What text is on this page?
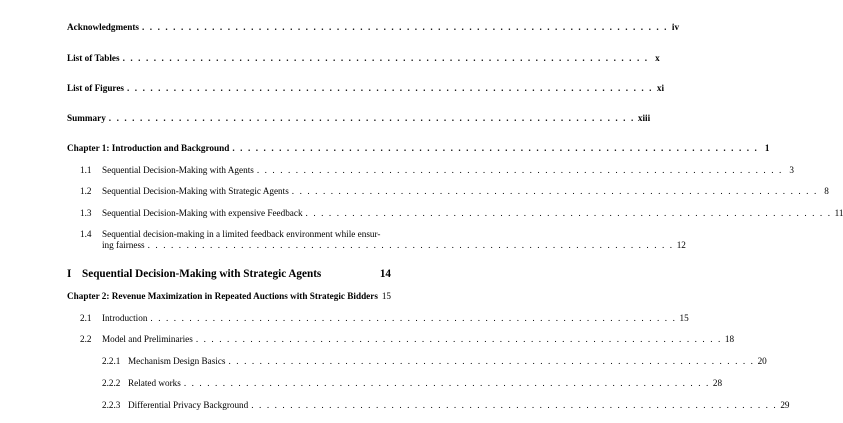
Acknowledgments . . . . . . . . . . . . . . . . . . . . . . . . . . . . . . . . . . . . . . . . . . . . . . . . . . . . . . . . . . . . . . . . . . . . iv
List of Tables . . . . . . . . . . . . . . . . . . . . . . . . . . . . . . . . . . . . . . . . . . . . . . . . . . . . . . . . . . . . . . . . . . . . x
List of Figures . . . . . . . . . . . . . . . . . . . . . . . . . . . . . . . . . . . . . . . . . . . . . . . . . . . . . . . . . . . . . . . . . . . . xi
Summary . . . . . . . . . . . . . . . . . . . . . . . . . . . . . . . . . . . . . . . . . . . . . . . . . . . . . . . . . . . . . . . . . . . . xiii
Chapter 1: Introduction and Background . . . . . . . . . . . . . . . . . . . . . . . . . . . . . . . . . . . . . . . . . . . . . . . . . . . . . . . . . . . . . . . . . . . . 1
1.1	Sequential Decision-Making with Agents . . . . . . . . . . . . . . . . . . . . . . . . . . . . . . . . . . . . . . . . . . . . . . . . . . . . . . . . . . . . . . . . . . . . 3
1.2	Sequential Decision-Making with Strategic Agents . . . . . . . . . . . . . . . . . . . . . . . . . . . . . . . . . . . . . . . . . . . . . . . . . . . . . . . . . . . . . . . . . . . . 8
1.3	Sequential Decision-Making with expensive Feedback . . . . . . . . . . . . . . . . . . . . . . . . . . . . . . . . . . . . . . . . . . . . . . . . . . . . . . . . . . . . . . . . . . . . 11
1.4	Sequential decision-making in a limited feedback environment while ensur-
ing fairness . . . . . . . . . . . . . . . . . . . . . . . . . . . . . . . . . . . . . . . . . . . . . . . . . . . . . . . . . . . . . . . . . . . . 12
I Sequential Decision-Making with Strategic Agents	14
Chapter 2: Revenue Maximization in Repeated Auctions with Strategic Bidders 15
2.1	Introduction . . . . . . . . . . . . . . . . . . . . . . . . . . . . . . . . . . . . . . . . . . . . . . . . . . . . . . . . . . . . . . . . . . . . 15
2.2	Model and Preliminaries . . . . . . . . . . . . . . . . . . . . . . . . . . . . . . . . . . . . . . . . . . . . . . . . . . . . . . . . . . . . . . . . . . . . 18
2.2.1 Mechanism Design Basics . . . . . . . . . . . . . . . . . . . . . . . . . . . . . . . . . . . . . . . . . . . . . . . . . . . . . . . . . . . . . . . . . . . . 20
2.2.2 Related works . . . . . . . . . . . . . . . . . . . . . . . . . . . . . . . . . . . . . . . . . . . . . . . . . . . . . . . . . . . . . . . . . . . . 28
2.2.3 Differential Privacy Background . . . . . . . . . . . . . . . . . . . . . . . . . . . . . . . . . . . . . . . . . . . . . . . . . . . . . . . . . . . . . . . . . . . . 29
